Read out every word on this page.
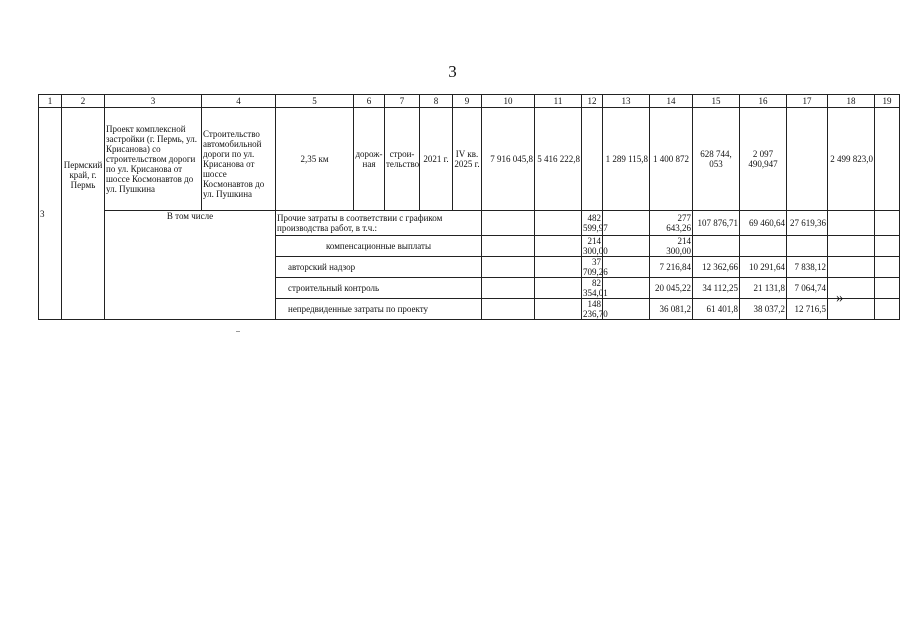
3
1	2	3	4	5	6	7	8	9	10	11	12	13	14	15	16	17	18	19	
3	Пермский край, г. Пермь	Проект комплексной застройки (г. Пермь, ул. Крисанова) со строительством дороги по ул. Крисанова от шоссе Космонавтов до ул. Пушкина	Строительство автомобильной дороги по ул. Крисанова от шоссе Космонавтов до ул. Пушкина	2,35 км	дорож-ная	строи-тельство	2021 г.	IV кв. 2025 г.	7 916 045,8	5 416 222,8		1 289 115,8	1 400 872	628 744, 053	2 097 490,947		2 499 823,0		
		В том числе		Прочие затраты в соответствии с графиком производства работ, в т.ч.:							482 599,97		277 643,26	107 876,71	69 460,64	27 619,36			
				компенсационные выплаты							214 300,00		214 300,00						
				авторский надзор							37 709,26		7 216,84	12 362,66	10 291,64	7 838,12			
				строительный контроль							82 354,01		20 045,22	34 112,25	21 131,8	7 064,74			
				непредвиденные затраты по проекту							148 236,70		36 081,2	61 401,8	38 037,2	12 716,5			
»
